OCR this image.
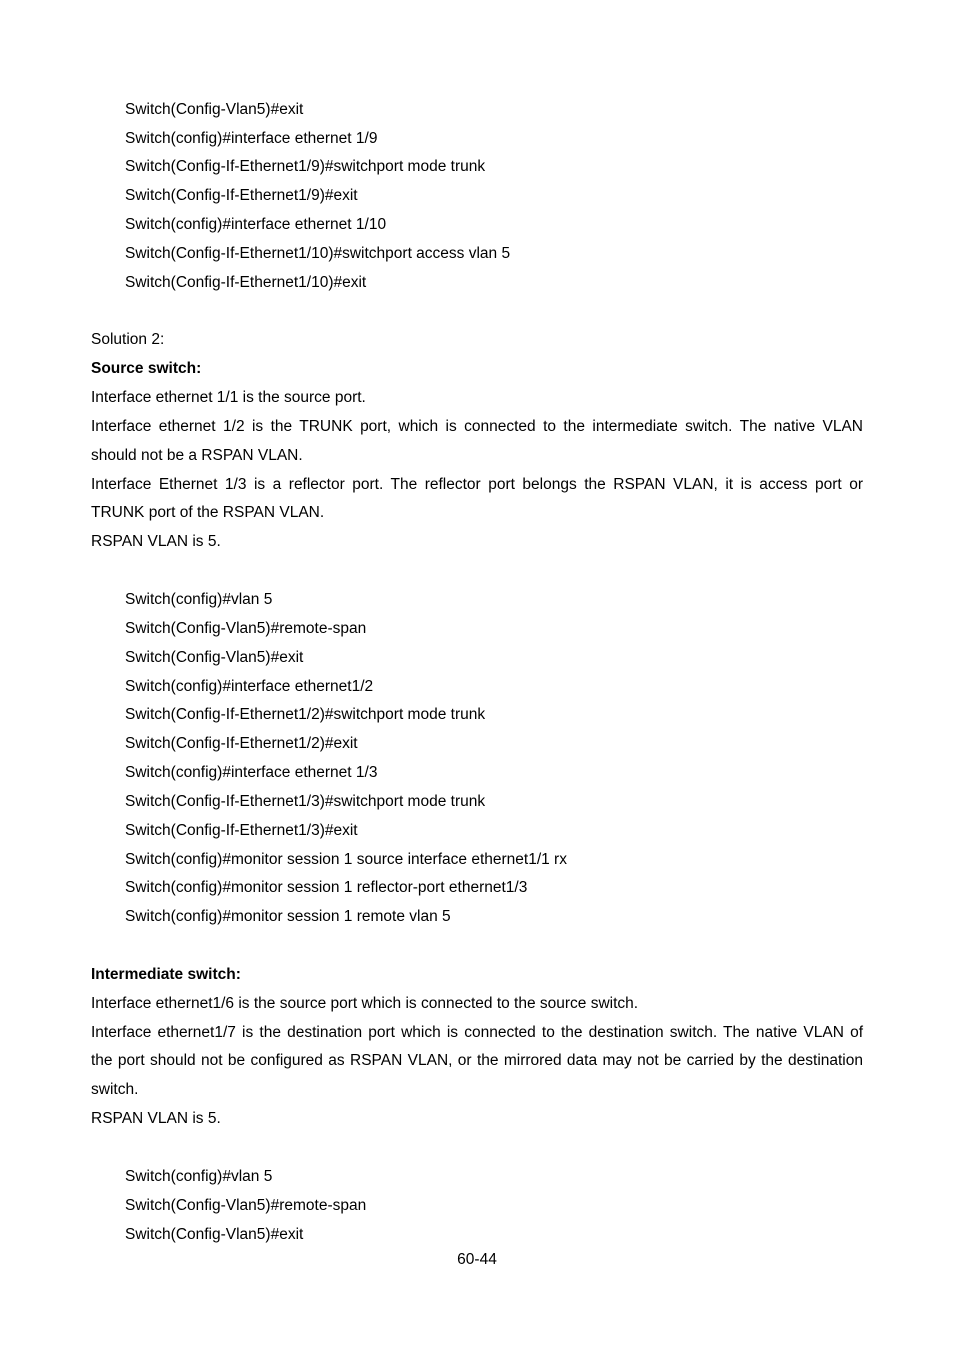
Switch(Config-Vlan5)#exit
Switch(config)#interface ethernet 1/9
Switch(Config-If-Ethernet1/9)#switchport mode trunk
Switch(Config-If-Ethernet1/9)#exit
Switch(config)#interface ethernet 1/10
Switch(Config-If-Ethernet1/10)#switchport access vlan 5
Switch(Config-If-Ethernet1/10)#exit
Solution 2:
Source switch:
Interface ethernet 1/1 is the source port.
Interface ethernet 1/2 is the TRUNK port, which is connected to the intermediate switch. The native VLAN
should not be a RSPAN VLAN.
Interface Ethernet 1/3 is a reflector port. The reflector port belongs the RSPAN VLAN, it is access port or
TRUNK port of the RSPAN VLAN.
RSPAN VLAN is 5.
Switch(config)#vlan 5
Switch(Config-Vlan5)#remote-span
Switch(Config-Vlan5)#exit
Switch(config)#interface ethernet1/2
Switch(Config-If-Ethernet1/2)#switchport mode trunk
Switch(Config-If-Ethernet1/2)#exit
Switch(config)#interface ethernet 1/3
Switch(Config-If-Ethernet1/3)#switchport mode trunk
Switch(Config-If-Ethernet1/3)#exit
Switch(config)#monitor session 1 source interface ethernet1/1 rx
Switch(config)#monitor session 1 reflector-port ethernet1/3
Switch(config)#monitor session 1 remote vlan 5
Intermediate switch:
Interface ethernet1/6 is the source port which is connected to the source switch.
Interface ethernet1/7 is the destination port which is connected to the destination switch. The native VLAN of
the port should not be configured as RSPAN VLAN, or the mirrored data may not be carried by the destination
switch.
RSPAN VLAN is 5.
Switch(config)#vlan 5
Switch(Config-Vlan5)#remote-span
Switch(Config-Vlan5)#exit
60-44
